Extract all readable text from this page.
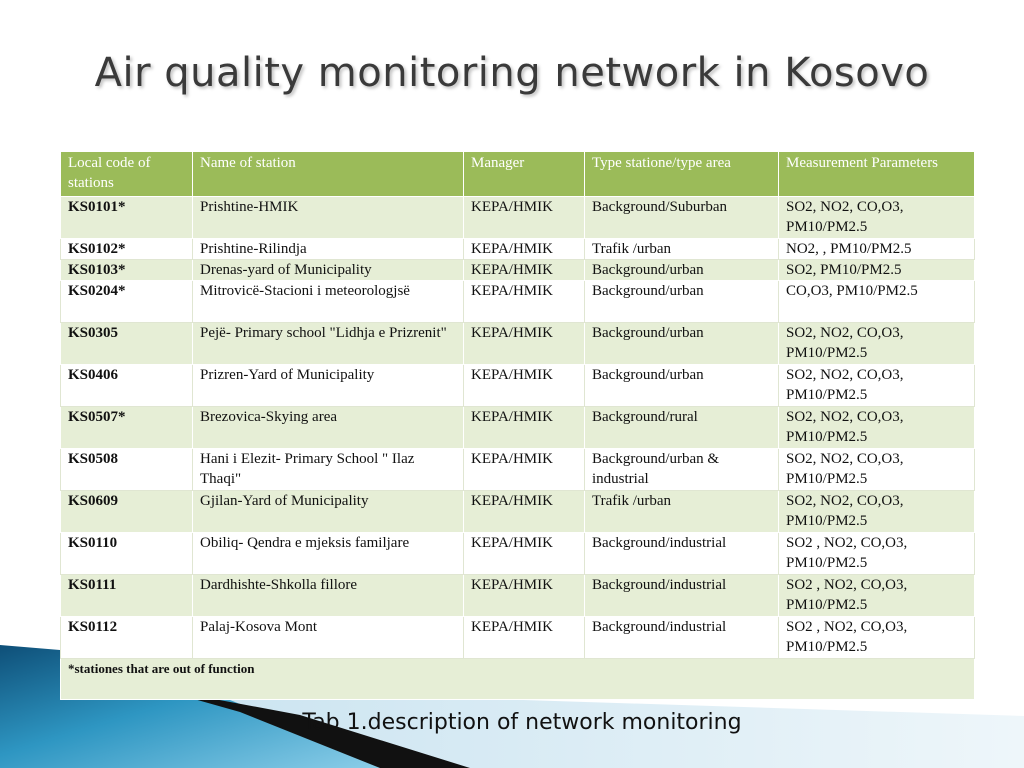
Air quality monitoring network in Kosovo
Local code of stations	Name of station	Manager	Type statione/type area	Measurement Parameters
KS0101*	Prishtine-HMIK	KEPA/HMIK	Background/Suburban	SO2, NO2, CO,O3, PM10/PM2.5
KS0102*	Prishtine-Rilindja	KEPA/HMIK	Trafik /urban	NO2, , PM10/PM2.5
KS0103*	Drenas-yard of Municipality	KEPA/HMIK	Background/urban	SO2, PM10/PM2.5
KS0204*	Mitrovicë-Stacioni i meteorologjsë	KEPA/HMIK	Background/urban	CO,O3, PM10/PM2.5
KS0305	Pejë- Primary school "Lidhja e Prizrenit"	KEPA/HMIK	Background/urban	SO2, NO2, CO,O3, PM10/PM2.5
KS0406	Prizren-Yard of Municipality	KEPA/HMIK	Background/urban	SO2, NO2, CO,O3, PM10/PM2.5
KS0507*	Brezovica-Skying area	KEPA/HMIK	Background/rural	SO2, NO2, CO,O3, PM10/PM2.5
KS0508	Hani i Elezit- Primary School " Ilaz Thaqi"	KEPA/HMIK	Background/urban & industrial	SO2, NO2, CO,O3, PM10/PM2.5
KS0609	Gjilan-Yard of Municipality	KEPA/HMIK	Trafik /urban	SO2, NO2, CO,O3, PM10/PM2.5
KS0110	Obiliq- Qendra e mjeksis familjare	KEPA/HMIK	Background/industrial	SO2 , NO2, CO,O3, PM10/PM2.5
KS0111	Dardhishte-Shkolla fillore	KEPA/HMIK	Background/industrial	SO2 , NO2, CO,O3, PM10/PM2.5
KS0112	Palaj-Kosova Mont	KEPA/HMIK	Background/industrial	SO2 , NO2, CO,O3, PM10/PM2.5
*stationes that are out of function				
Tab 1.description of network monitoring
